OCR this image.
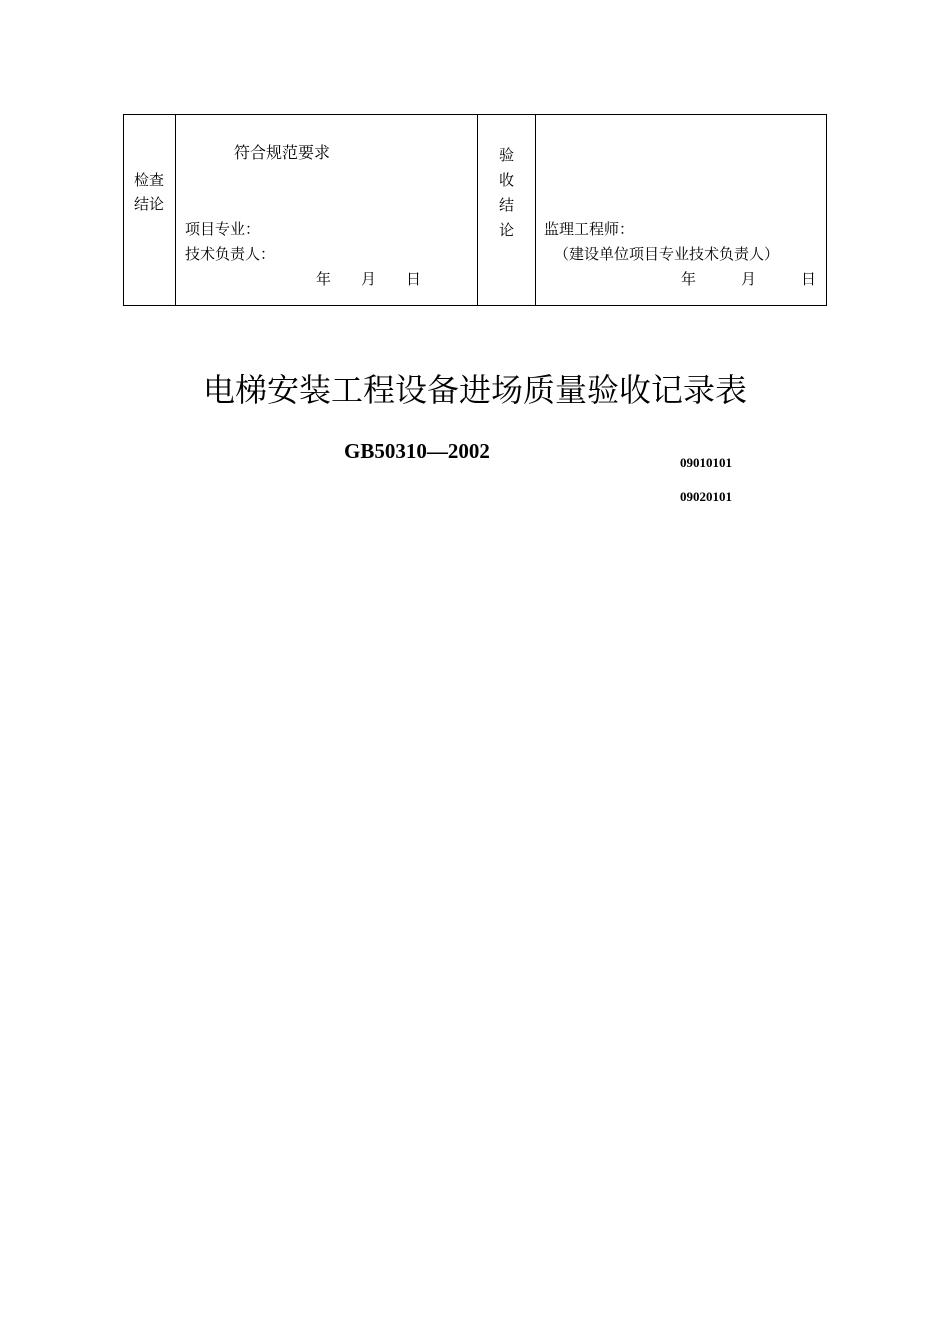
检查
结论
符合规范要求
项目专业：
技术负责人：
年　　月　　日
验
收
结
论	监理工程师：
（建设单位项目专业技术负责人）
年　　　月　　　日
电梯安装工程设备进场质量验收记录表
GB50310—2002	09010101
09020101
